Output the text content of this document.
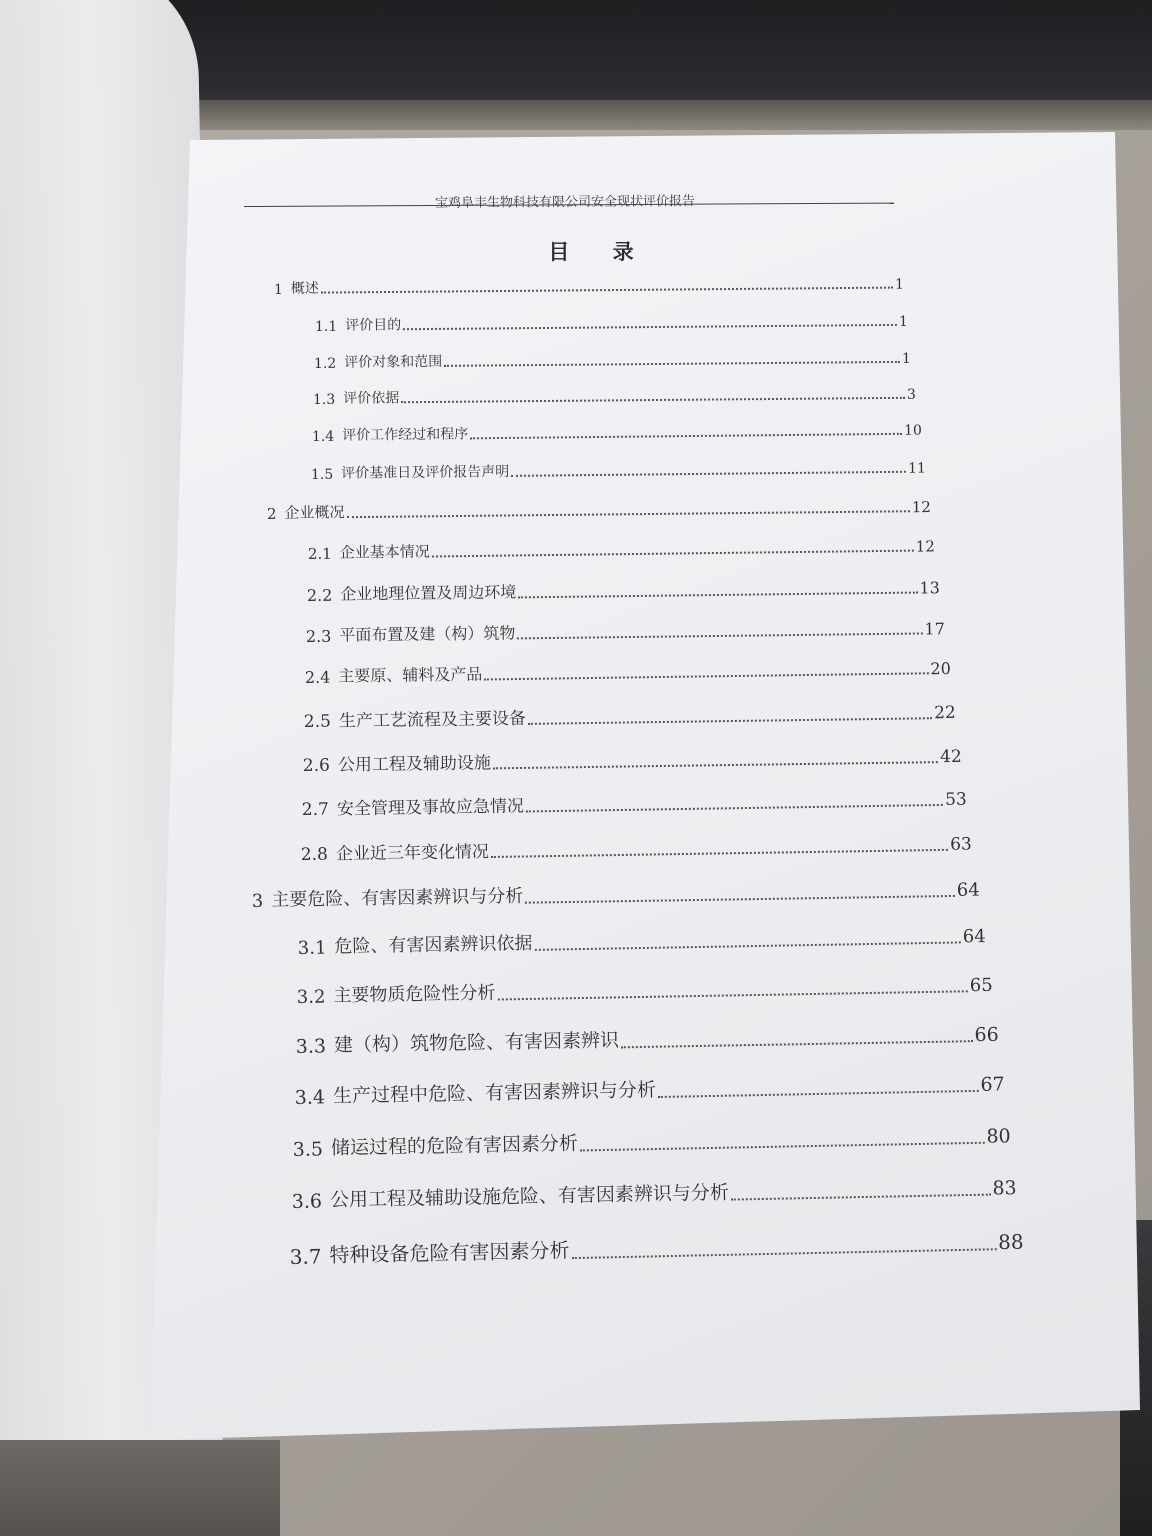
宝鸡阜丰生物科技有限公司安全现状评价报告
目 录
1 概述	1
1.1 评价目的	1
1.2 评价对象和范围	1
1.3 评价依据	3
1.4 评价工作经过和程序	10
1.5 评价基准日及评价报告声明	11
2 企业概况	12
2.1 企业基本情况	12
2.2 企业地理位置及周边环境	13
2.3 平面布置及建（构）筑物	17
2.4 主要原、辅料及产品	20
2.5 生产工艺流程及主要设备	22
2.6 公用工程及辅助设施	42
2.7 安全管理及事故应急情况	53
2.8 企业近三年变化情况	63
3 主要危险、有害因素辨识与分析	64
3.1 危险、有害因素辨识依据	64
3.2 主要物质危险性分析	65
3.3 建（构）筑物危险、有害因素辨识	66
3.4 生产过程中危险、有害因素辨识与分析	67
3.5 储运过程的危险有害因素分析	80
3.6 公用工程及辅助设施危险、有害因素辨识与分析	83
3.7 特种设备危险有害因素分析	88
